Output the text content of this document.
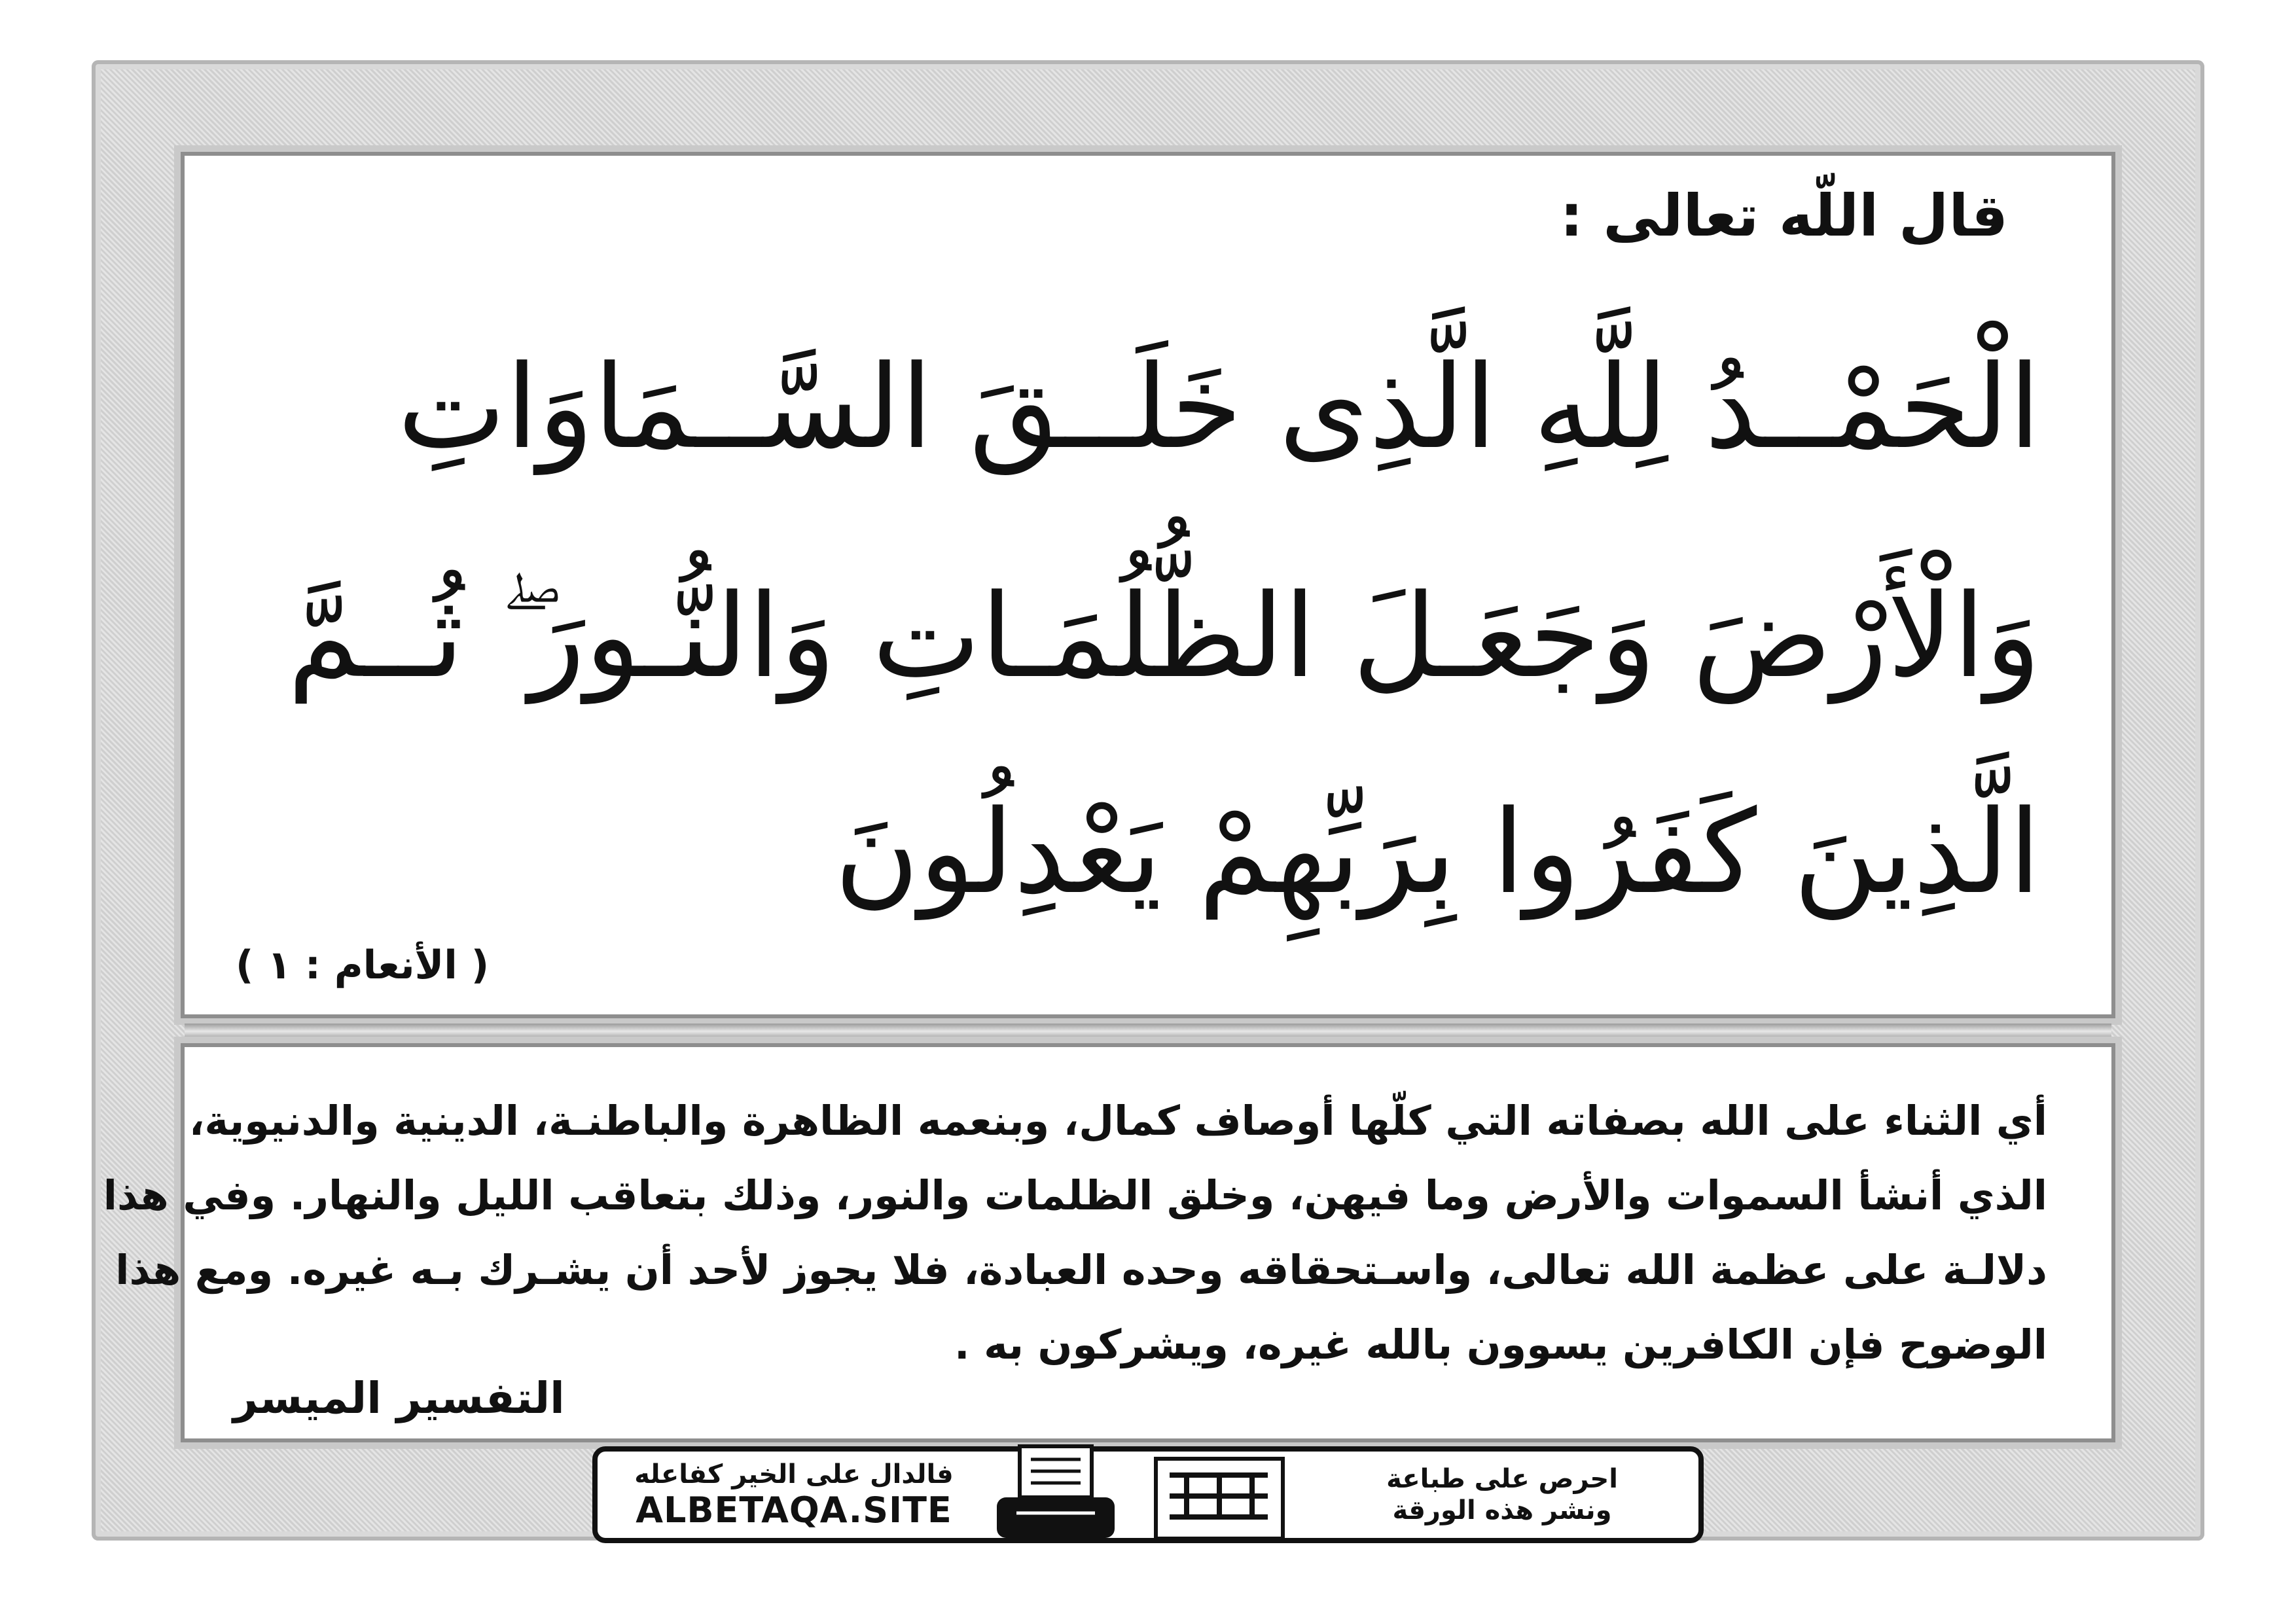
قال اللّه تعالى :
الْحَمْــدُ لِلَّهِ الَّذِى خَلَــقَ السَّــمَاوَاتِ
وَالْأَرْضَ وَجَعَـلَ الظُّلُمَـاتِ وَالنُّـورَ ۖ ثُــمَّ
الَّذِينَ كَفَرُوا بِرَبِّهِمْ يَعْدِلُونَ
( الأنعام : ١ )
أي الثناء على الله بصفاته التي كلّها أوصاف كمال، وبنعمه الظاهرة والباطنـة، الدينية والدنيوية،
الذي أنشأ السموات والأرض وما فيهن، وخلق الظلمات والنور، وذلك بتعاقب الليل والنهار. وفي هذا
دلالـة على عظمة الله تعالى، واسـتحقاقه وحده العبادة، فلا يجوز لأحد أن يشـرك بـه غيره. ومع هذا
الوضوح فإن الكافرين يسوون بالله غيره، ويشركون به .
التفسير الميسر
فالدال على الخير كفاعله
ALBETAQA.SITE
احرص على طباعة
ونشر هذه الورقة
